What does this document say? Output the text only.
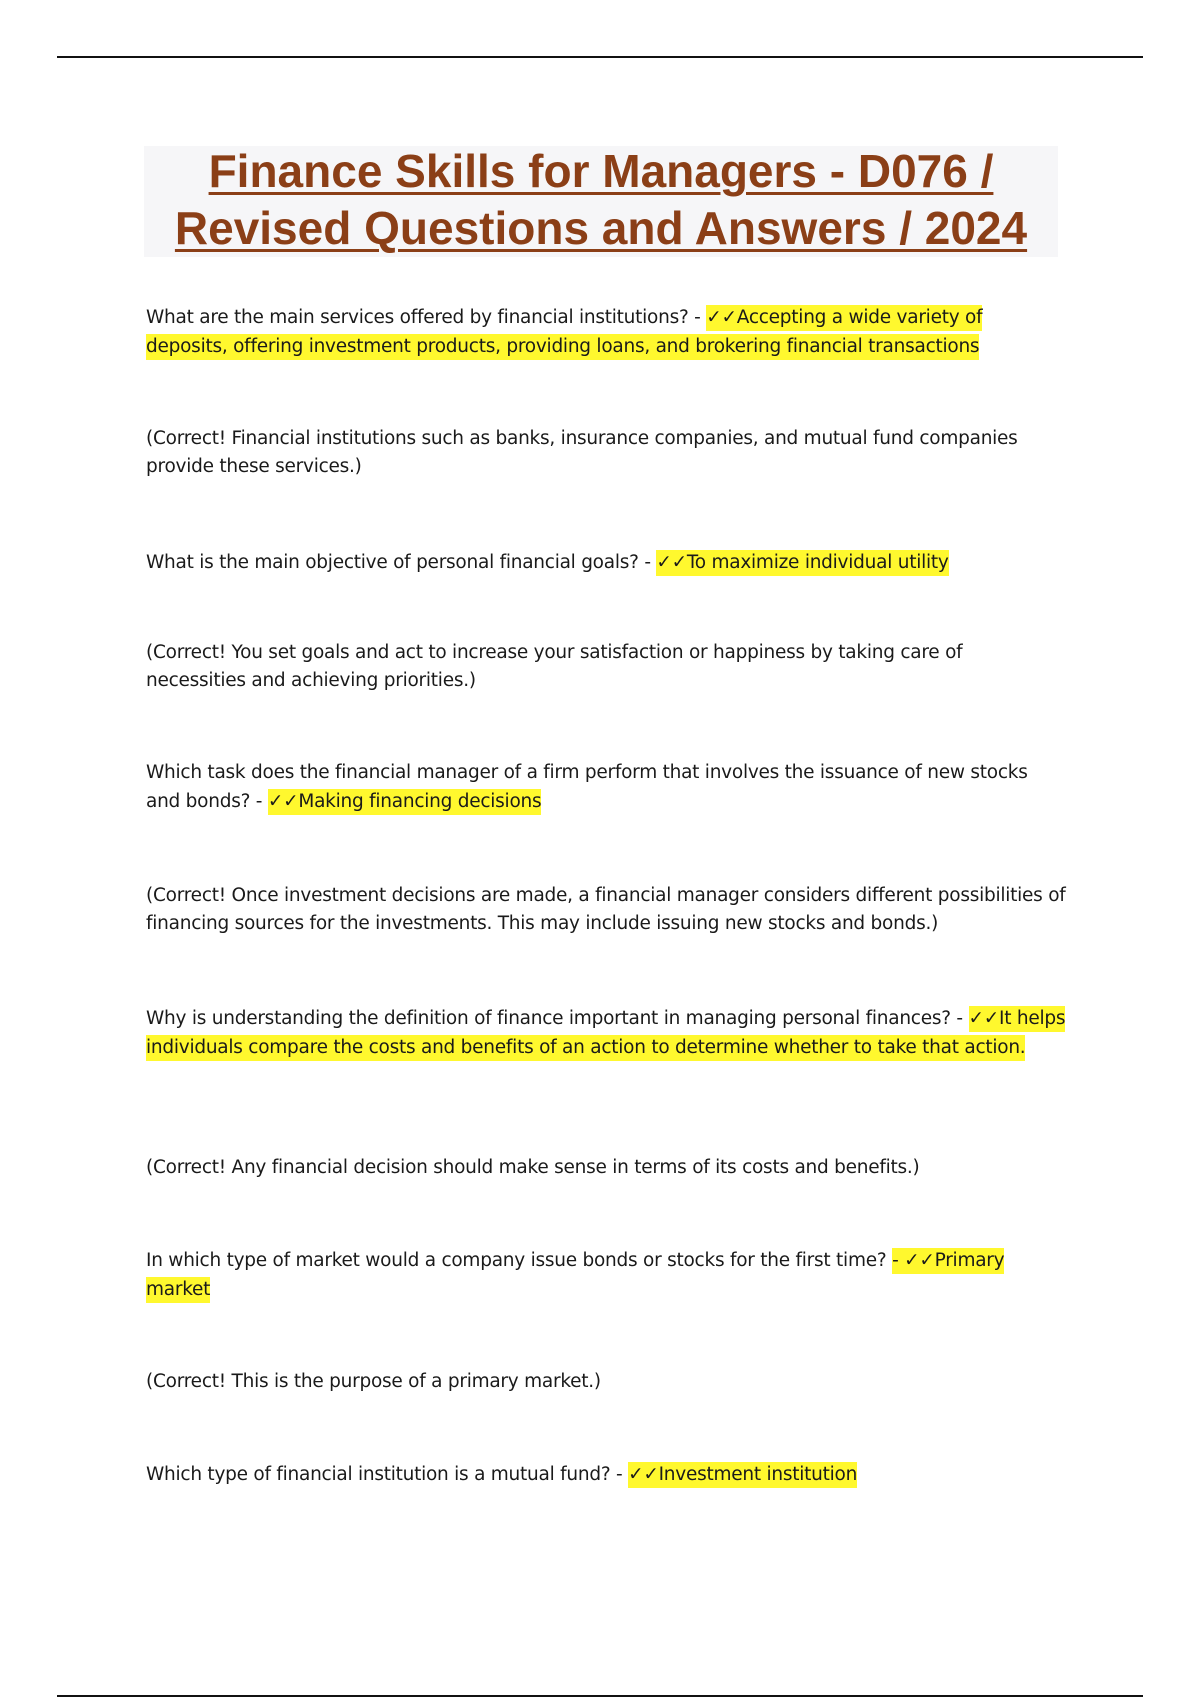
Finance Skills for Managers - D076 /
Revised Questions and Answers / 2024

What are the main services offered by financial institutions? - ✓✓Accepting a wide variety of deposits, offering investment products, providing loans, and brokering financial transactions

(Correct! Financial institutions such as banks, insurance companies, and mutual fund companies provide these services.)

What is the main objective of personal financial goals? - ✓✓To maximize individual utility

(Correct! You set goals and act to increase your satisfaction or happiness by taking care of necessities and achieving priorities.)

Which task does the financial manager of a firm perform that involves the issuance of new stocks and bonds? - ✓✓Making financing decisions

(Correct! Once investment decisions are made, a financial manager considers different possibilities of financing sources for the investments. This may include issuing new stocks and bonds.)

Why is understanding the definition of finance important in managing personal finances? - ✓✓It helps individuals compare the costs and benefits of an action to determine whether to take that action.

(Correct! Any financial decision should make sense in terms of its costs and benefits.)

In which type of market would a company issue bonds or stocks for the first time? - ✓✓Primary market

(Correct! This is the purpose of a primary market.)

Which type of financial institution is a mutual fund? - ✓✓Investment institution
